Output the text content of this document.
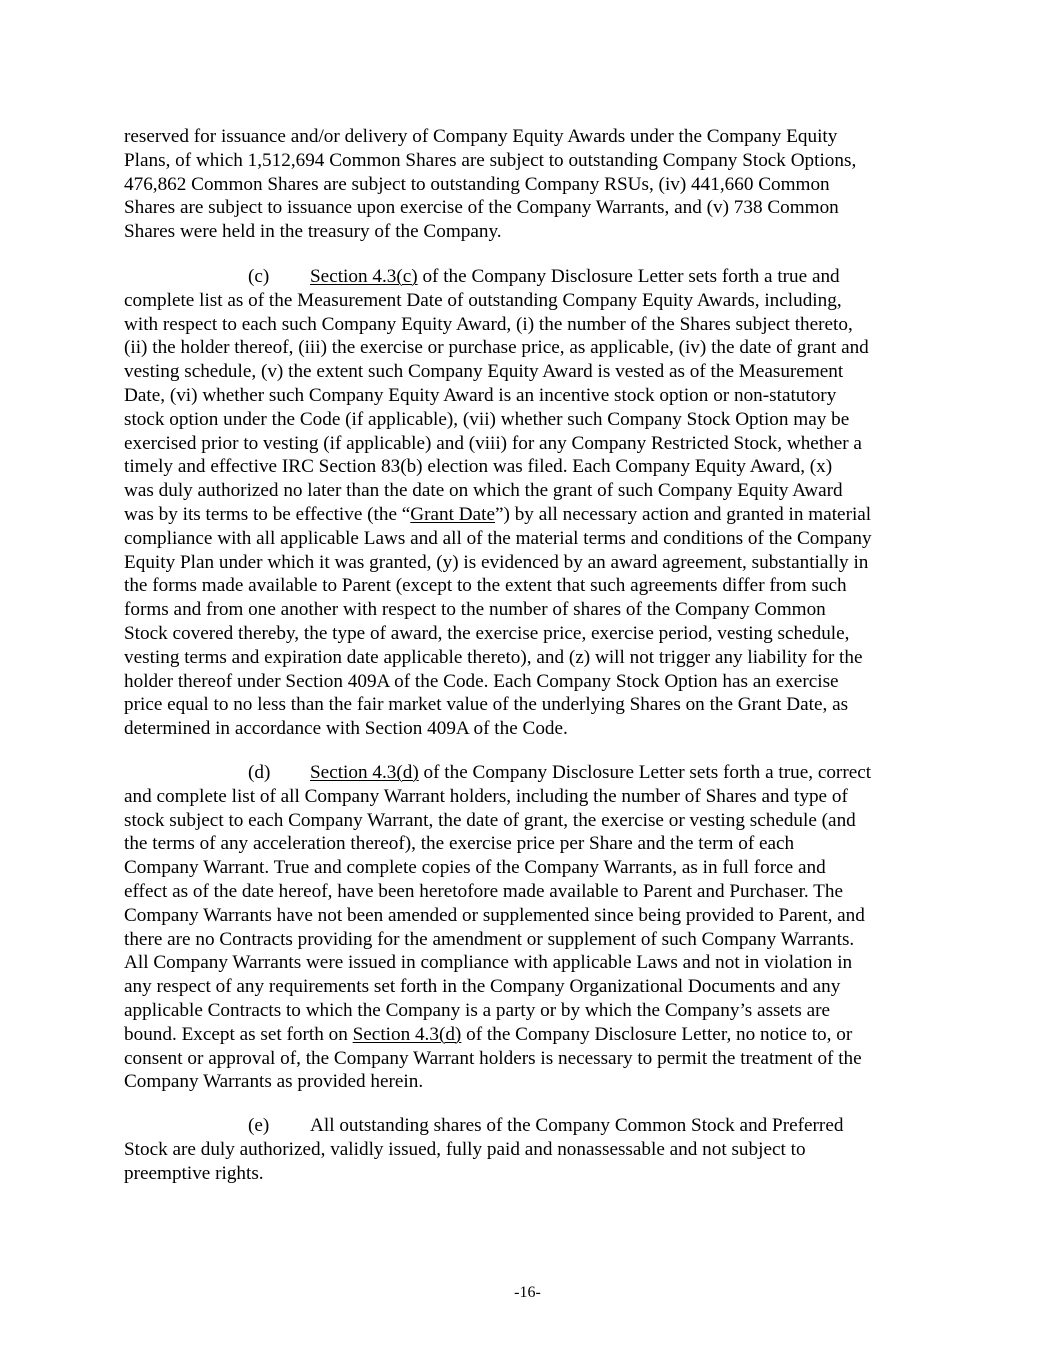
reserved for issuance and/or delivery of Company Equity Awards under the Company Equity
Plans, of which 1,512,694 Common Shares are subject to outstanding Company Stock Options,
476,862 Common Shares are subject to outstanding Company RSUs, (iv) 441,660 Common
Shares are subject to issuance upon exercise of the Company Warrants, and (v) 738 Common
Shares were held in the treasury of the Company.
(c) Section 4.3(c) of the Company Disclosure Letter sets forth a true and
complete list as of the Measurement Date of outstanding Company Equity Awards, including,
with respect to each such Company Equity Award, (i) the number of the Shares subject thereto,
(ii) the holder thereof, (iii) the exercise or purchase price, as applicable, (iv) the date of grant and
vesting schedule, (v) the extent such Company Equity Award is vested as of the Measurement
Date, (vi) whether such Company Equity Award is an incentive stock option or non-statutory
stock option under the Code (if applicable), (vii) whether such Company Stock Option may be
exercised prior to vesting (if applicable) and (viii) for any Company Restricted Stock, whether a
timely and effective IRC Section 83(b) election was filed. Each Company Equity Award, (x)
was duly authorized no later than the date on which the grant of such Company Equity Award
was by its terms to be effective (the “Grant Date”) by all necessary action and granted in material
compliance with all applicable Laws and all of the material terms and conditions of the Company
Equity Plan under which it was granted, (y) is evidenced by an award agreement, substantially in
the forms made available to Parent (except to the extent that such agreements differ from such
forms and from one another with respect to the number of shares of the Company Common
Stock covered thereby, the type of award, the exercise price, exercise period, vesting schedule,
vesting terms and expiration date applicable thereto), and (z) will not trigger any liability for the
holder thereof under Section 409A of the Code. Each Company Stock Option has an exercise
price equal to no less than the fair market value of the underlying Shares on the Grant Date, as
determined in accordance with Section 409A of the Code.
(d) Section 4.3(d) of the Company Disclosure Letter sets forth a true, correct
and complete list of all Company Warrant holders, including the number of Shares and type of
stock subject to each Company Warrant, the date of grant, the exercise or vesting schedule (and
the terms of any acceleration thereof), the exercise price per Share and the term of each
Company Warrant. True and complete copies of the Company Warrants, as in full force and
effect as of the date hereof, have been heretofore made available to Parent and Purchaser. The
Company Warrants have not been amended or supplemented since being provided to Parent, and
there are no Contracts providing for the amendment or supplement of such Company Warrants.
All Company Warrants were issued in compliance with applicable Laws and not in violation in
any respect of any requirements set forth in the Company Organizational Documents and any
applicable Contracts to which the Company is a party or by which the Company’s assets are
bound. Except as set forth on Section 4.3(d) of the Company Disclosure Letter, no notice to, or
consent or approval of, the Company Warrant holders is necessary to permit the treatment of the
Company Warrants as provided herein.
(e) All outstanding shares of the Company Common Stock and Preferred
Stock are duly authorized, validly issued, fully paid and nonassessable and not subject to
preemptive rights.
-16-
